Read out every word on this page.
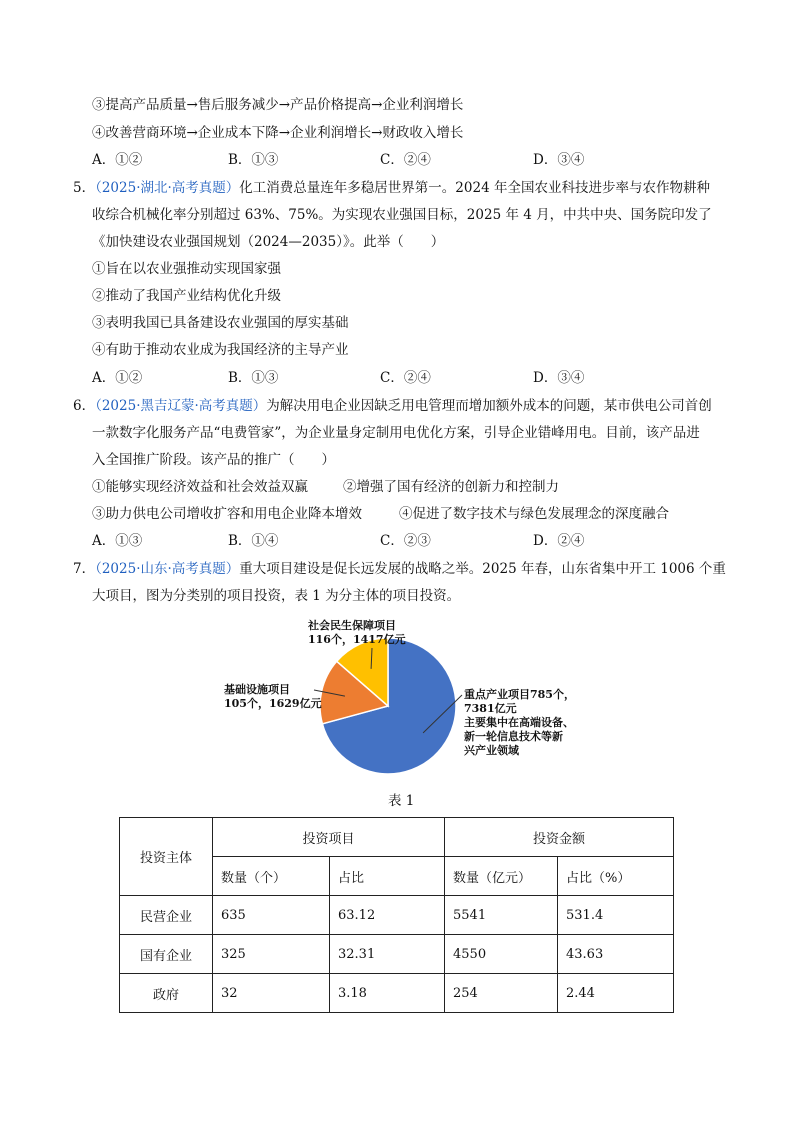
③提高产品质量→售后服务减少→产品价格提高→企业利润增长
④改善营商环境→企业成本下降→企业利润增长→财政收入增长
A．①②	B．①③	C．②④	D．③④
5．（2025·湖北·高考真题）化工消费总量连年多稳居世界第一。2024 年全国农业科技进步率与农作物耕种
收综合机械化率分别超过 63%、75%。为实现农业强国目标，2025 年 4 月，中共中央、国务院印发了
《加快建设农业强国规划（2024—2035）》。此举（　　）
①旨在以农业强推动实现国家强
②推动了我国产业结构优化升级
③表明我国已具备建设农业强国的厚实基础
④有助于推动农业成为我国经济的主导产业
A．①②	B．①③	C．②④	D．③④
6．（2025·黑吉辽蒙·高考真题）为解决用电企业因缺乏用电管理而增加额外成本的问题，某市供电公司首创
一款数字化服务产品“电费管家”，为企业量身定制用电优化方案，引导企业错峰用电。目前，该产品进
入全国推广阶段。该产品的推广（　　）
①能够实现经济效益和社会效益双赢	②增强了国有经济的创新力和控制力
③助力供电公司增收扩容和用电企业降本增效	④促进了数字技术与绿色发展理念的深度融合
A．①③	B．①④	C．②③	D．②④
7．（2025·山东·高考真题）重大项目建设是促长远发展的战略之举。2025 年春，山东省集中开工 1006 个重
大项目，图为分类别的项目投资，表 1 为分主体的项目投资。
重点产业项目785个，
7381亿元
主要集中在高端设备、
新一轮信息技术等新
兴产业领域
基础设施项目
105个，1629亿元
社会民生保障项目
116个，1417亿元
表 1
投资主体	投资项目		投资金额	
	数量（个）	占比	数量（亿元）	占比（%）
民营企业	635	63.12	5541	531.4
国有企业	325	32.31	4550	43.63
政府	32	3.18	254	2.44
